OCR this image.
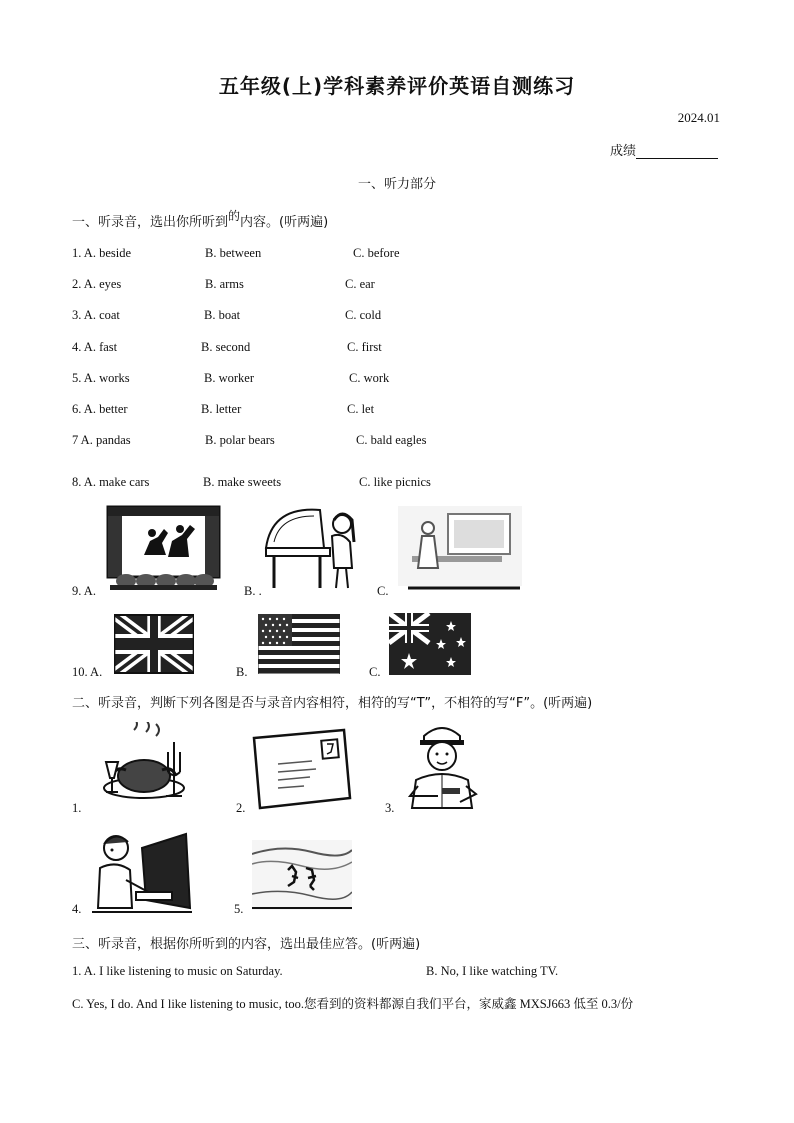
五年级(上)学科素养评价英语自测练习
2024.01
成绩
一、听力部分
一、听录音，选出你所听到的内容。(听两遍)
1. A. beside	B. between	C. before
2. A. eyes	B. arms	C. ear
3. A. coat	B. boat	C. cold
4. A. fast	B. second	C. first
5. A. works	B. worker	C. work
6. A. better	B. letter	C. let
7 A. pandas	B. polar bears	C. bald eagles
8. A. make cars	B. make sweets	C. like picnics
9. A.	B. .	C.
10. A.	B.	C.
二、听录音，判断下列各图是否与录音内容相符，相符的写“T”，不相符的写“F”。(听两遍)
1.	2.	3.
4.	5.
三、听录音，根据你所听到的内容，选出最佳应答。(听两遍)
1. A. I like listening to music on Saturday.	B. No, I like watching TV.
C. Yes, I do. And I like listening to music, too.您看到的资料都源自我们平台，家威鑫 MXSJ663 低至 0.3/份
